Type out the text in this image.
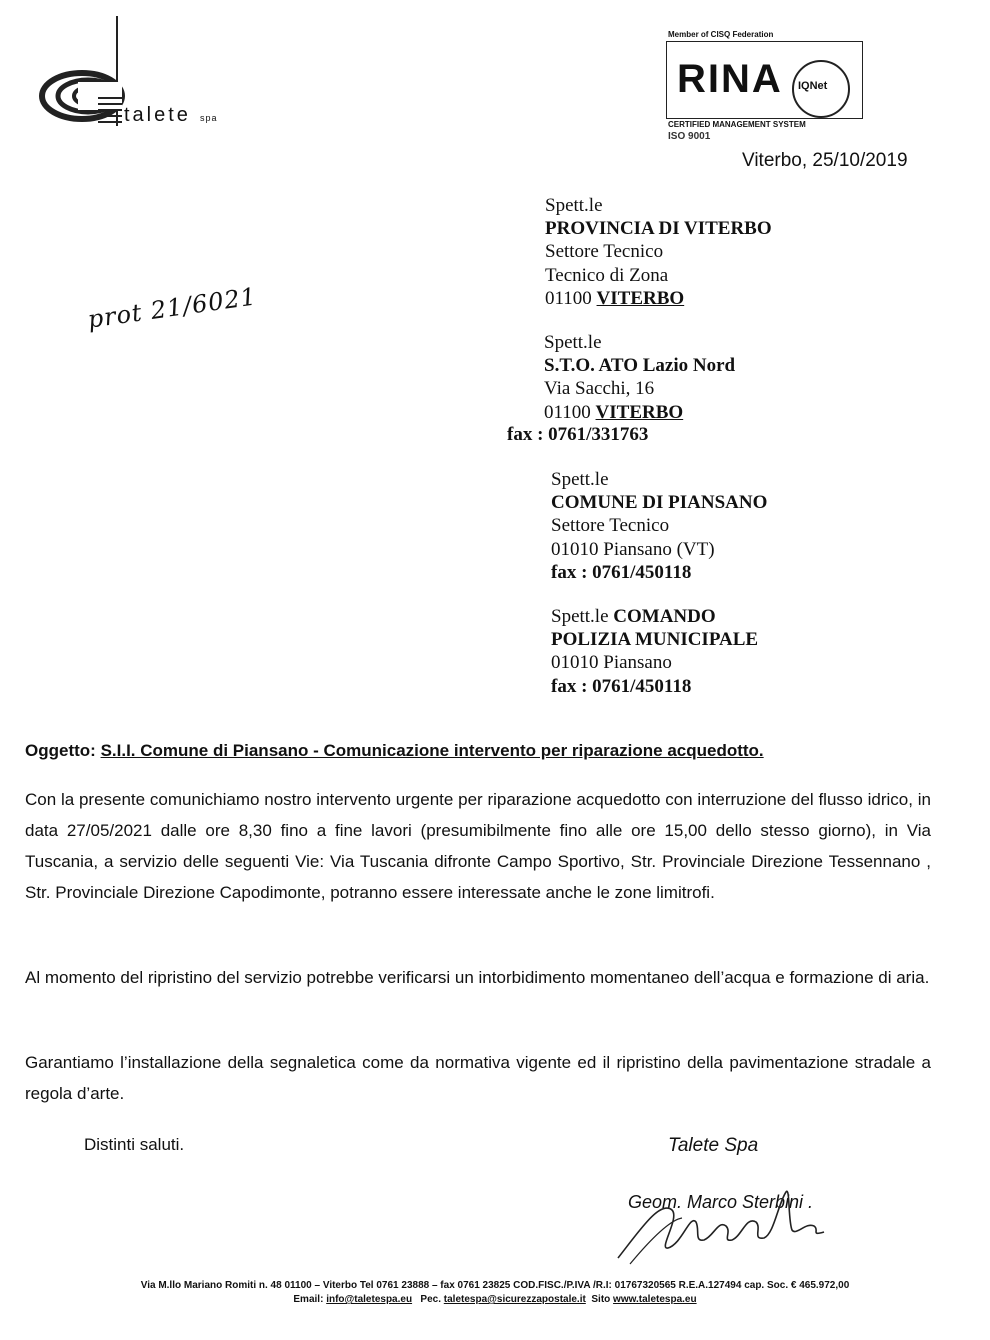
talete spa
Member of CISQ Federation
RINA IQNet
CERTIFIED MANAGEMENT SYSTEM
ISO 9001
Viterbo, 25/10/2019
prot 21/6021
Spett.le
PROVINCIA DI VITERBO
Settore Tecnico
Tecnico di Zona
01100 VITERBO
Spett.le
S.T.O. ATO Lazio Nord
Via Sacchi, 16
01100 VITERBO
fax : 0761/331763
Spett.le
COMUNE DI PIANSANO
Settore Tecnico
01010 Piansano (VT)
fax : 0761/450118
Spett.le COMANDO
POLIZIA MUNICIPALE
01010 Piansano
fax : 0761/450118
Oggetto: S.I.I. Comune di Piansano - Comunicazione intervento per riparazione acquedotto.
Con la presente comunichiamo nostro intervento urgente per riparazione acquedotto con interruzione del flusso idrico, in data 27/05/2021 dalle ore 8,30 fino a fine lavori (presumibilmente fino alle ore 15,00 dello stesso giorno), in Via Tuscania, a servizio delle seguenti Vie: Via Tuscania difronte Campo Sportivo, Str. Provinciale Direzione Tessennano , Str. Provinciale Direzione Capodimonte, potranno essere interessate anche le zone limitrofi.
Al momento del ripristino del servizio potrebbe verificarsi un intorbidimento momentaneo dell’acqua e formazione di aria.
Garantiamo l’installazione della segnaletica come da normativa vigente ed il ripristino della pavimentazione stradale a regola d’arte.
Distinti saluti.	Talete Spa
Geom. Marco Sterbini .
Via M.llo Mariano Romiti n. 48 01100 – Viterbo Tel 0761 23888 – fax 0761 23825 COD.FISC./P.IVA /R.I: 01767320565 R.E.A.127494 cap. Soc. € 465.972,00
Email: info@taletespa.eu Pec. taletespa@sicurezzapostale.it Sito www.taletespa.eu
